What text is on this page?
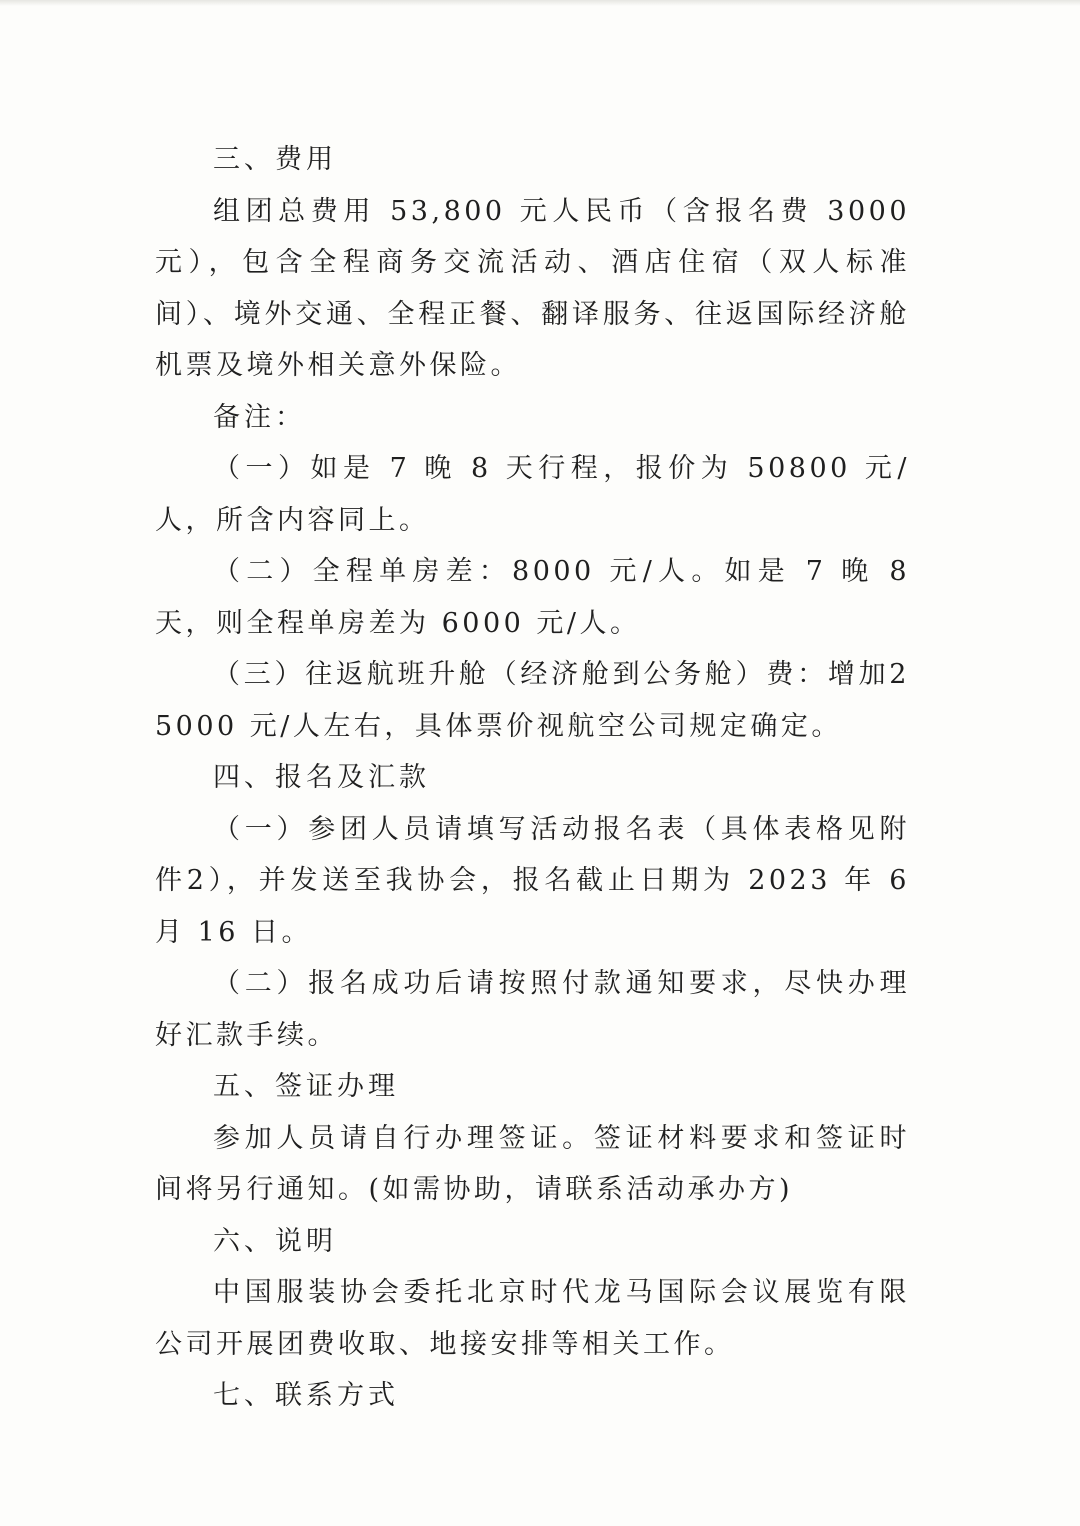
三、费用

组团总费用 53,800 元人民币（含报名费 3000 元），包含全程商务交流活动、酒店住宿（双人标准间）、境外交通、全程正餐、翻译服务、往返国际经济舱机票及境外相关意外保险。

备注：

（一）如是 7 晚 8 天行程，报价为 50800 元/人，所含内容同上。

（二）全程单房差：8000 元/人。如是 7 晚 8 天，则全程单房差为 6000 元/人。

（三）往返航班升舱（经济舱到公务舱）费：增加25000 元/人左右，具体票价视航空公司规定确定。

四、报名及汇款

（一）参团人员请填写活动报名表（具体表格见附件2），并发送至我协会，报名截止日期为 2023 年 6 月 16 日。

（二）报名成功后请按照付款通知要求，尽快办理好汇款手续。

五、签证办理

参加人员请自行办理签证。签证材料要求和签证时间将另行通知。(如需协助，请联系活动承办方)

六、说明

中国服装协会委托北京时代龙马国际会议展览有限公司开展团费收取、地接安排等相关工作。

七、联系方式
